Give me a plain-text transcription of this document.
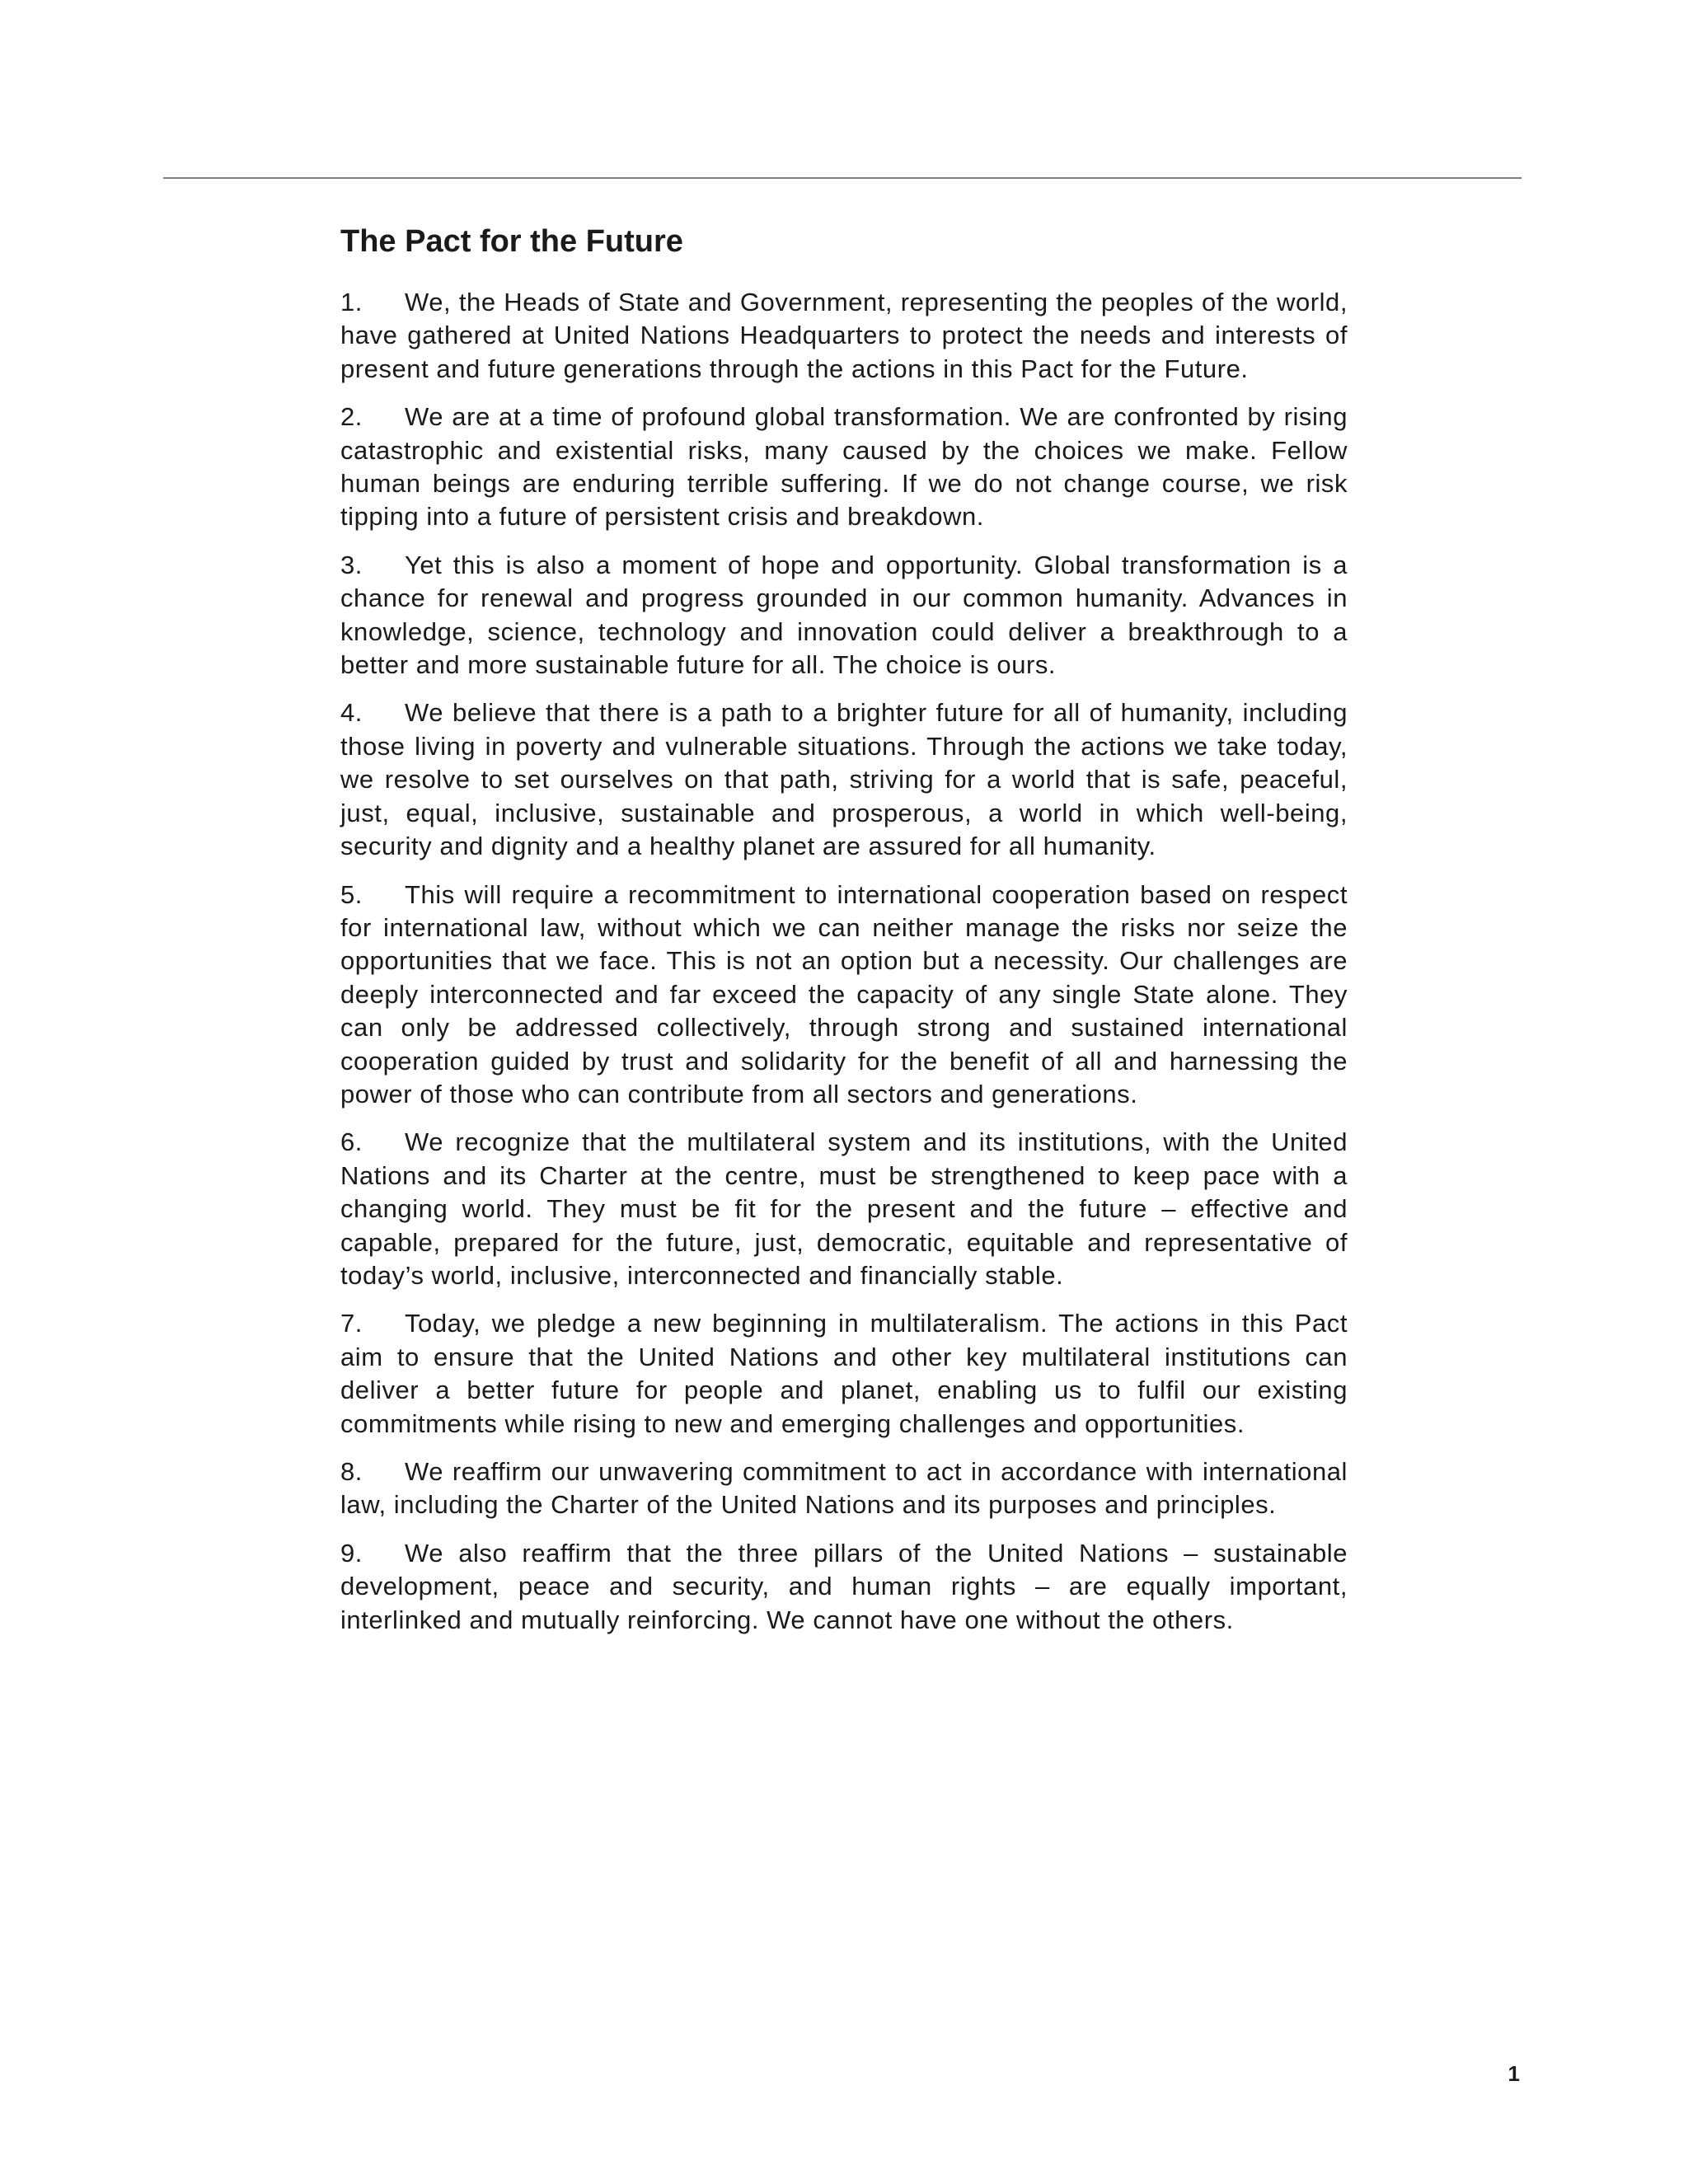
The Pact for the Future

1. We, the Heads of State and Government, representing the peoples of the world, have gathered at United Nations Headquarters to protect the needs and interests of present and future generations through the actions in this Pact for the Future.

2. We are at a time of profound global transformation. We are confronted by rising catastrophic and existential risks, many caused by the choices we make. Fellow human beings are enduring terrible suffering. If we do not change course, we risk tipping into a future of persistent crisis and breakdown.

3. Yet this is also a moment of hope and opportunity. Global transformation is a chance for renewal and progress grounded in our common humanity. Advances in knowledge, science, technology and innovation could deliver a breakthrough to a better and more sustainable future for all. The choice is ours.

4. We believe that there is a path to a brighter future for all of humanity, including those living in poverty and vulnerable situations. Through the actions we take today, we resolve to set ourselves on that path, striving for a world that is safe, peaceful, just, equal, inclusive, sustainable and prosperous, a world in which well-being, security and dignity and a healthy planet are assured for all humanity.

5. This will require a recommitment to international cooperation based on respect for international law, without which we can neither manage the risks nor seize the opportunities that we face. This is not an option but a necessity. Our challenges are deeply interconnected and far exceed the capacity of any single State alone. They can only be addressed collectively, through strong and sustained international cooperation guided by trust and solidarity for the benefit of all and harnessing the power of those who can contribute from all sectors and generations.

6. We recognize that the multilateral system and its institutions, with the United Nations and its Charter at the centre, must be strengthened to keep pace with a changing world. They must be fit for the present and the future – effective and capable, prepared for the future, just, democratic, equitable and representative of today’s world, inclusive, interconnected and financially stable.

7. Today, we pledge a new beginning in multilateralism. The actions in this Pact aim to ensure that the United Nations and other key multilateral institutions can deliver a better future for people and planet, enabling us to fulfil our existing commitments while rising to new and emerging challenges and opportunities.

8. We reaffirm our unwavering commitment to act in accordance with international law, including the Charter of the United Nations and its purposes and principles.

9. We also reaffirm that the three pillars of the United Nations – sustainable development, peace and security, and human rights – are equally important, interlinked and mutually reinforcing. We cannot have one without the others.

1
